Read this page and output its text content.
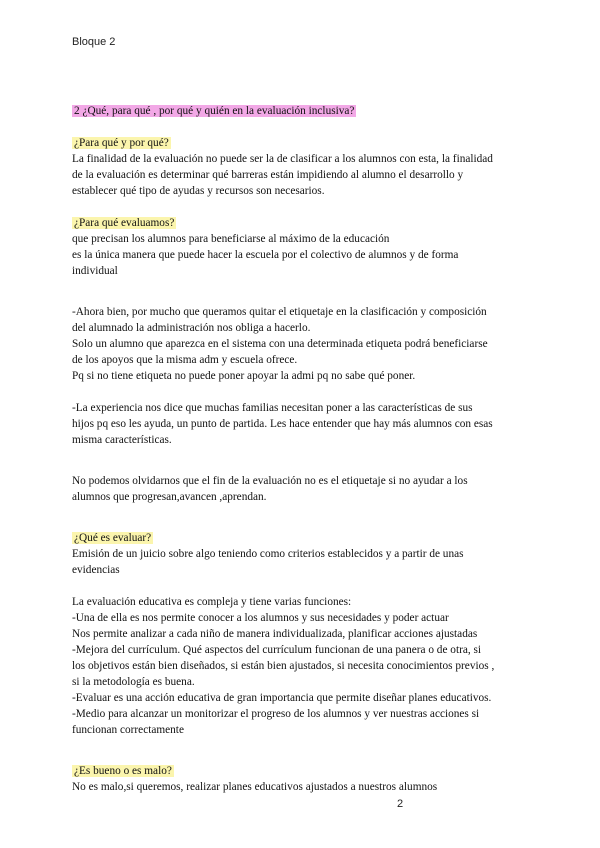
Bloque 2
2 ¿Qué, para qué , por qué y quién en la evaluación inclusiva?
¿Para qué y por qué?
La finalidad de la evaluación no puede ser la de clasificar a los alumnos con esta, la finalidad
de la evaluación es determinar qué barreras están impidiendo al alumno el desarrollo y
establecer qué tipo de ayudas y recursos son necesarios.
¿Para qué evaluamos?
que precisan los alumnos para beneficiarse al máximo de la educación
es la única manera que puede hacer la escuela por el colectivo de alumnos y de forma
individual
-Ahora bien, por mucho que queramos quitar el etiquetaje en la clasificación y composición
del alumnado la administración nos obliga a hacerlo.
Solo un alumno que aparezca en el sistema con una determinada etiqueta podrá beneficiarse
de los apoyos que la misma adm y escuela ofrece.
Pq si no tiene etiqueta no puede poner apoyar la admi pq no sabe qué poner.
-La experiencia nos dice que muchas familias necesitan poner a las características de sus
hijos pq eso les ayuda, un punto de partida. Les hace entender que hay más alumnos con esas
misma características.
No podemos olvidarnos que el fin de la evaluación no es el etiquetaje si no ayudar a los
alumnos que progresan,avancen ,aprendan.
¿Qué es evaluar?
Emisión de un juicio sobre algo teniendo como criterios establecidos y a partir de unas
evidencias
La evaluación educativa es compleja y tiene varias funciones:
-Una de ella es nos permite conocer a los alumnos y sus necesidades y poder actuar
Nos permite analizar a cada niño de manera individualizada, planificar acciones ajustadas
-Mejora del currículum. Qué aspectos del currículum funcionan de una panera o de otra, si
los objetivos están bien diseñados, si están bien ajustados, si necesita conocimientos previos ,
si la metodología es buena.
-Evaluar es una acción educativa de gran importancia que permite diseñar planes educativos.
-Medio para alcanzar un monitorizar el progreso de los alumnos y ver nuestras acciones si
funcionan correctamente
¿Es bueno o es malo?
No es malo,si queremos, realizar planes educativos ajustados a nuestros alumnos
2
